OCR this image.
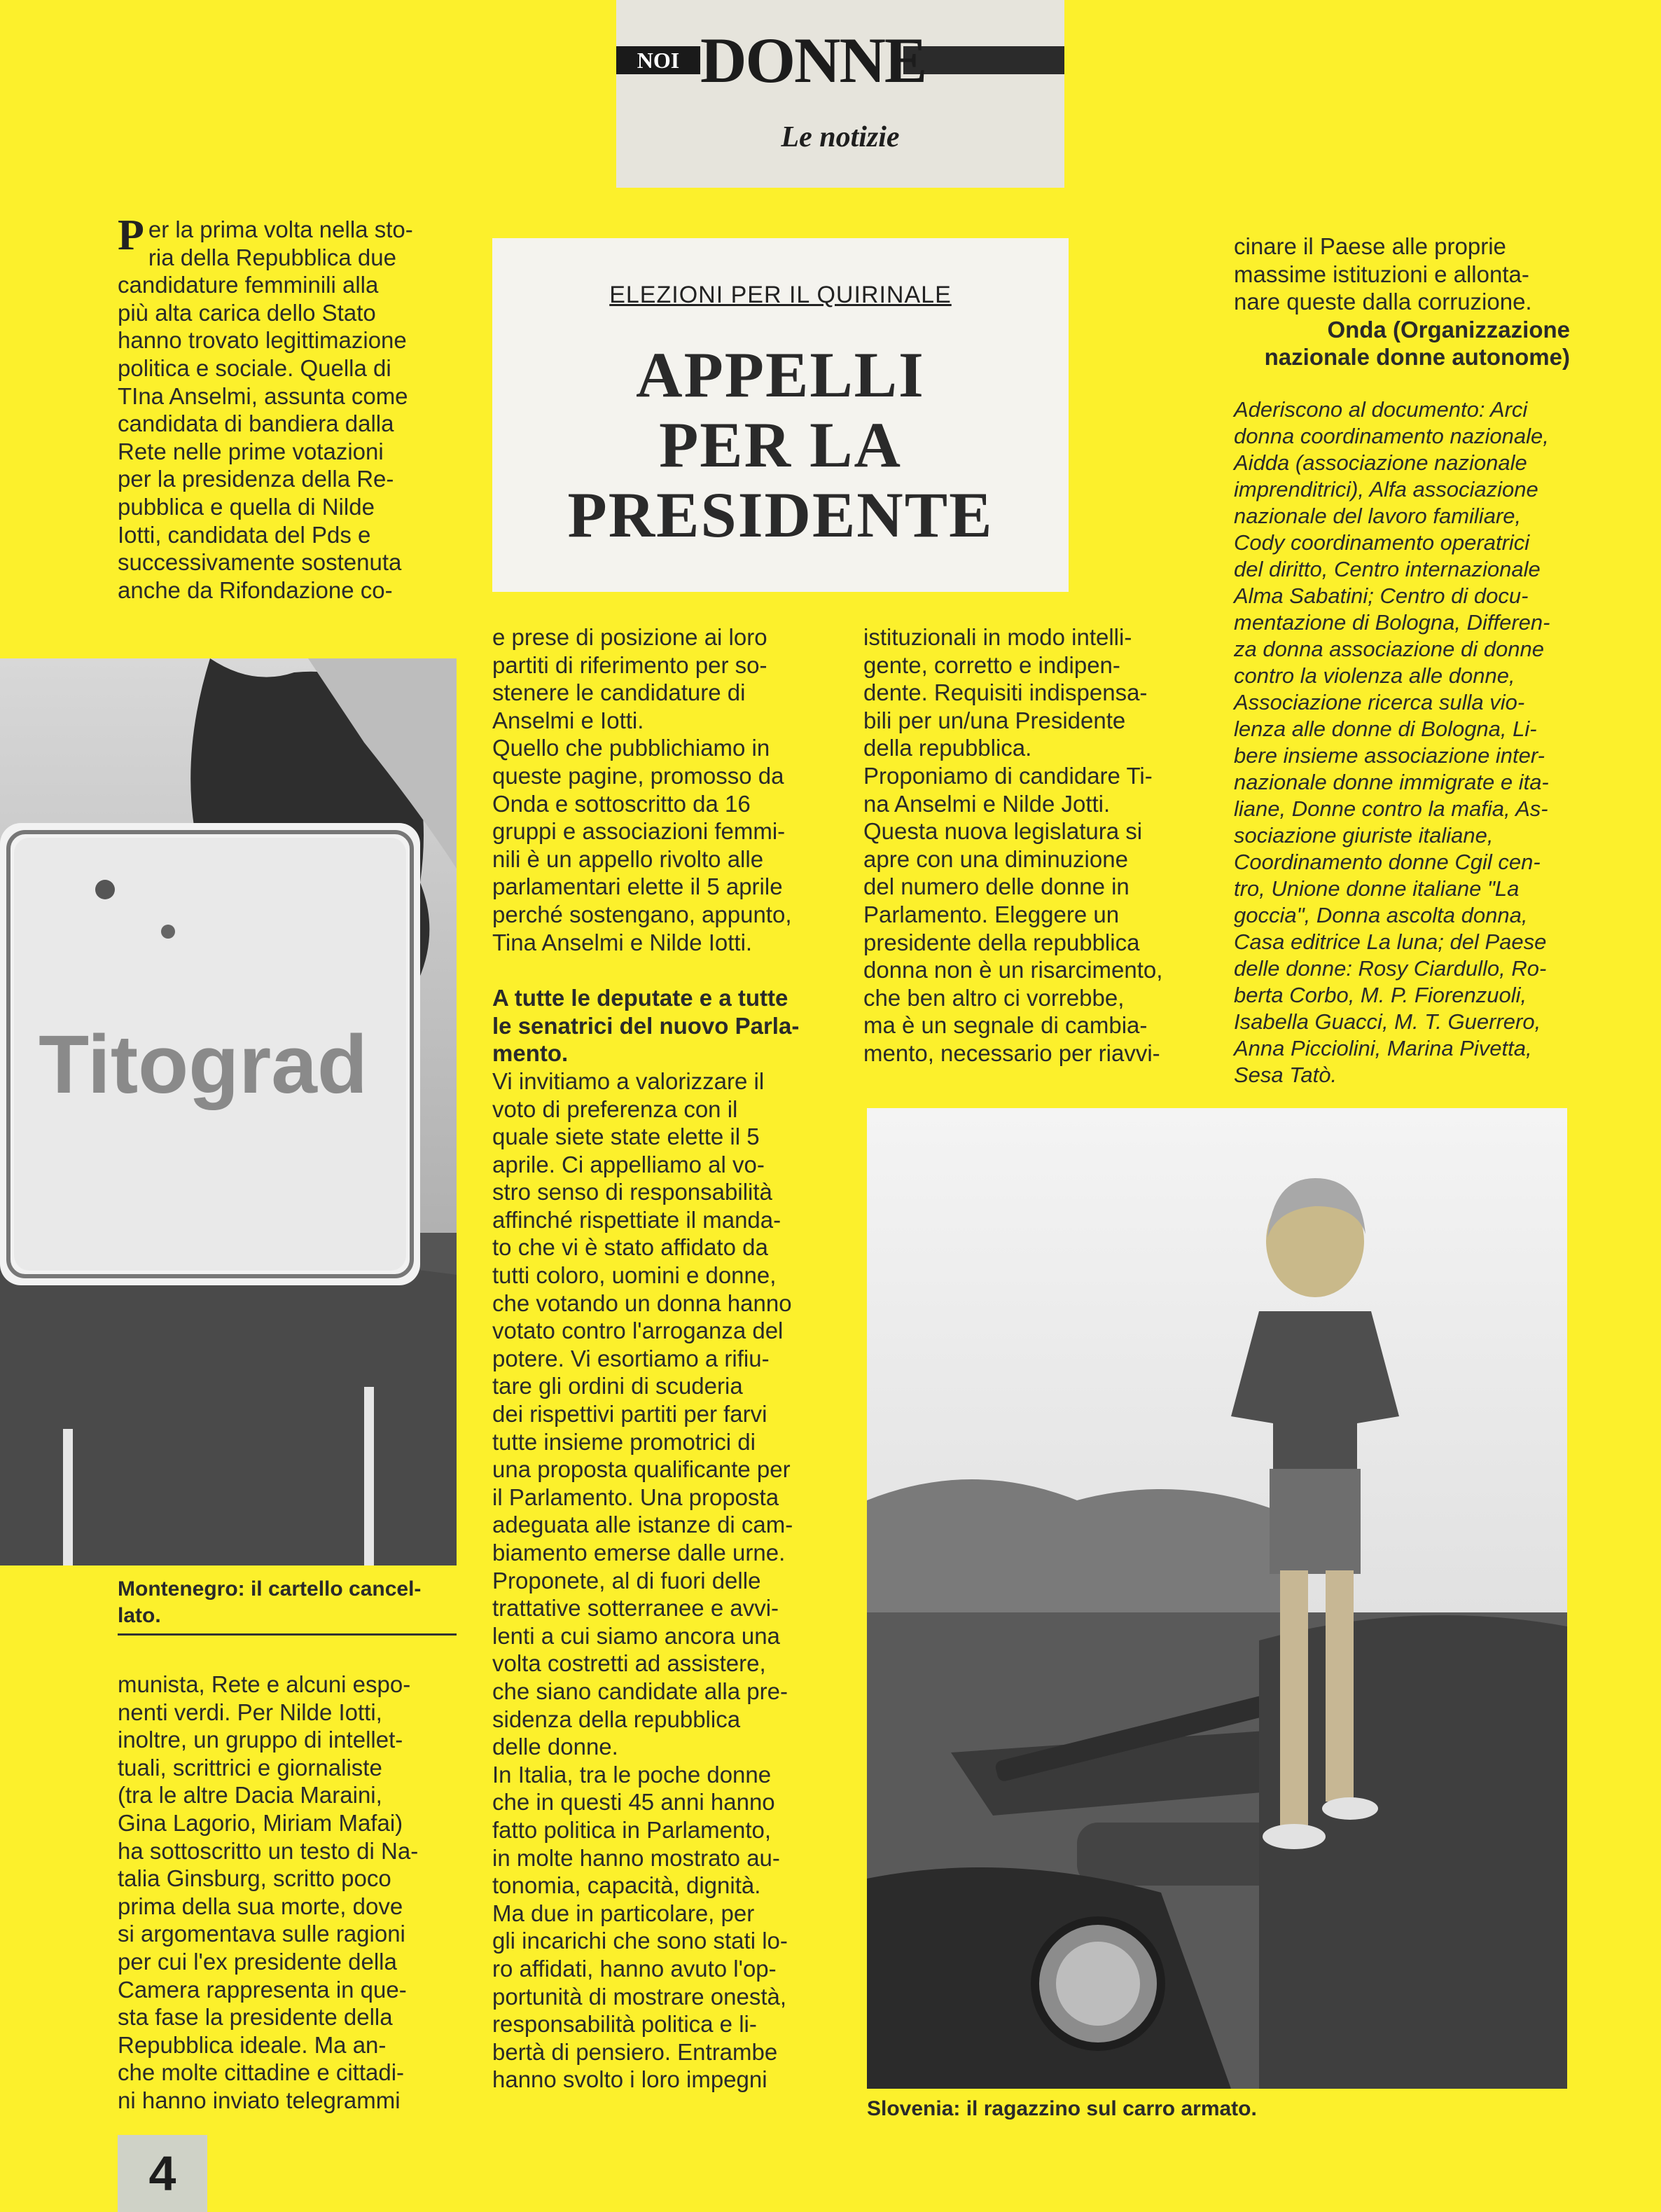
NOI DONNE
Le notizie

Per la prima volta nella sto-
ria della Repubblica due
candidature femminili alla
più alta carica dello Stato
hanno trovato legittimazione
politica e sociale. Quella di
TIna Anselmi, assunta come
candidata di bandiera dalla
Rete nelle prime votazioni
per la presidenza della Re-
pubblica e quella di Nilde
Iotti, candidata del Pds e
successivamente sostenuta
anche da Rifondazione co-

ELEZIONI PER IL QUIRINALE
APPELLI
PER LA
PRESIDENTE
Titograd

Montenegro: il cartello cancel-
lato.

munista, Rete e alcuni espo-
nenti verdi. Per Nilde Iotti,
inoltre, un gruppo di intellet-
tuali, scrittrici e giornaliste
(tra le altre Dacia Maraini,
Gina Lagorio, Miriam Mafai)
ha sottoscritto un testo di Na-
talia Ginsburg, scritto poco
prima della sua morte, dove
si argomentava sulle ragioni
per cui l'ex presidente della
Camera rappresenta in que-
sta fase la presidente della
Repubblica ideale. Ma an-
che molte cittadine e cittadi-
ni hanno inviato telegrammi

e prese di posizione ai loro
partiti di riferimento per so-
stenere le candidature di
Anselmi e Iotti.
Quello che pubblichiamo in
queste pagine, promosso da
Onda e sottoscritto da 16
gruppi e associazioni femmi-
nili è un appello rivolto alle
parlamentari elette il 5 aprile
perché sostengano, appunto,
Tina Anselmi e Nilde Iotti.

A tutte le deputate e a tutte
le senatrici del nuovo Parla-
mento.

Vi invitiamo a valorizzare il
voto di preferenza con il
quale siete state elette il 5
aprile. Ci appelliamo al vo-
stro senso di responsabilità
affinché rispettiate il manda-
to che vi è stato affidato da
tutti coloro, uomini e donne,
che votando un donna hanno
votato contro l'arroganza del
potere. Vi esortiamo a rifiu-
tare gli ordini di scuderia
dei rispettivi partiti per farvi
tutte insieme promotrici di
una proposta qualificante per
il Parlamento. Una proposta
adeguata alle istanze di cam-
biamento emerse dalle urne.
Proponete, al di fuori delle
trattative sotterranee e avvi-
lenti a cui siamo ancora una
volta costretti ad assistere,
che siano candidate alla pre-
sidenza della repubblica
delle donne.
In Italia, tra le poche donne
che in questi 45 anni hanno
fatto politica in Parlamento,
in molte hanno mostrato au-
tonomia, capacità, dignità.
Ma due in particolare, per
gli incarichi che sono stati lo-
ro affidati, hanno avuto l'op-
portunità di mostrare onestà,
responsabilità politica e li-
bertà di pensiero. Entrambe
hanno svolto i loro impegni

istituzionali in modo intelli-
gente, corretto e indipen-
dente. Requisiti indispensa-
bili per un/una Presidente
della repubblica.
Proponiamo di candidare Ti-
na Anselmi e Nilde Jotti.
Questa nuova legislatura si
apre con una diminuzione
del numero delle donne in
Parlamento. Eleggere un
presidente della repubblica
donna non è un risarcimento,
che ben altro ci vorrebbe,
ma è un segnale di cambia-
mento, necessario per riavvi-

cinare il Paese alle proprie
massime istituzioni e allonta-
nare queste dalla corruzione.

Onda (Organizzazione
nazionale donne autonome)

Aderiscono al documento: Arci
donna coordinamento nazionale,
Aidda (associazione nazionale
imprenditrici), Alfa associazione
nazionale del lavoro familiare,
Cody coordinamento operatrici
del diritto, Centro internazionale
Alma Sabatini; Centro di docu-
mentazione di Bologna, Differen-
za donna associazione di donne
contro la violenza alle donne,
Associazione ricerca sulla vio-
lenza alle donne di Bologna, Li-
bere insieme associazione inter-
nazionale donne immigrate e ita-
liane, Donne contro la mafia, As-
sociazione giuriste italiane,
Coordinamento donne Cgil cen-
tro, Unione donne italiane "La
goccia", Donna ascolta donna,
Casa editrice La luna; del Paese
delle donne: Rosy Ciardullo, Ro-
berta Corbo, M. P. Fiorenzuoli,
Isabella Guacci, M. T. Guerrero,
Anna Picciolini, Marina Pivetta,
Sesa Tatò.

Slovenia: il ragazzino sul carro armato.

4
